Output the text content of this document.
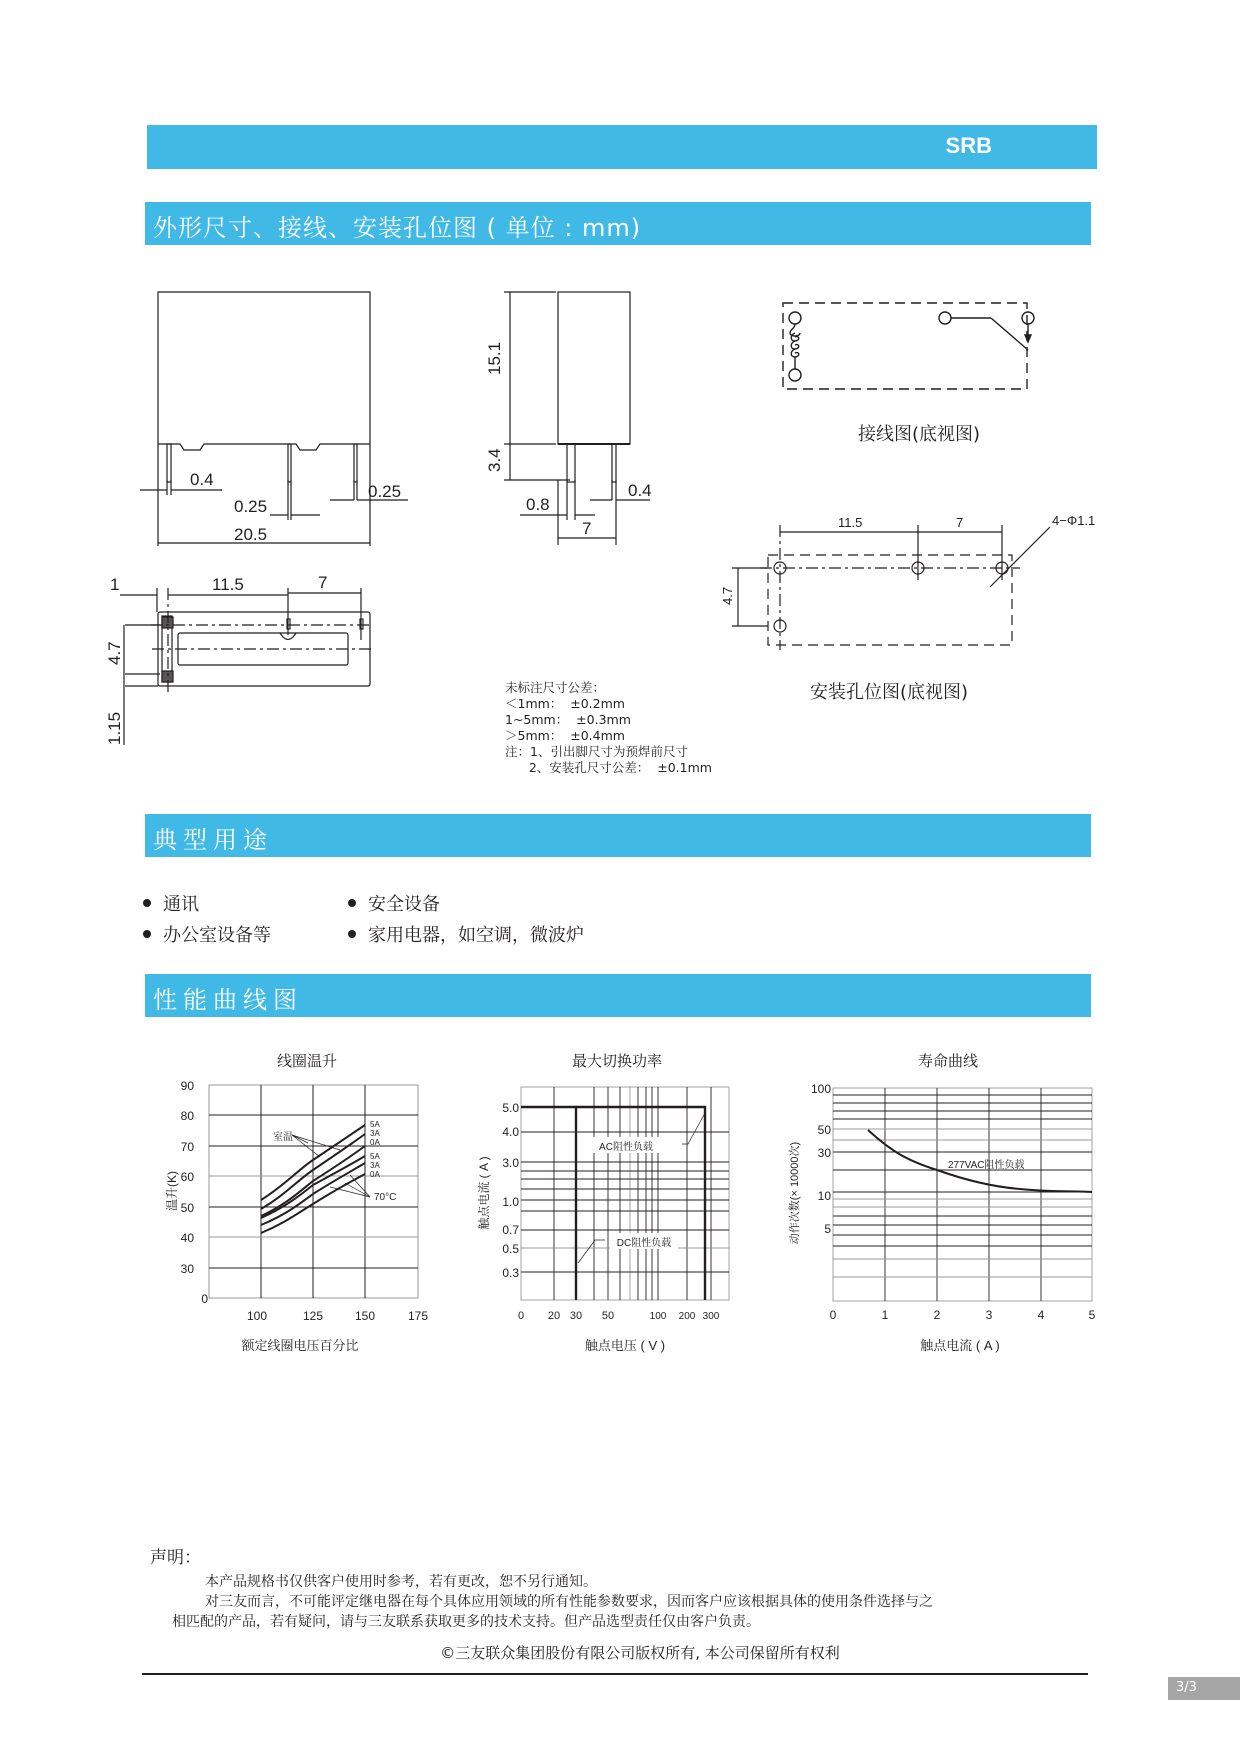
SRB
外形尺寸、接线、安装孔位图 ( 单位 : mm)
0.4
0.25
0.25
20.5
15.1
3.4
0.8
0.4
7
接线图(底视图)
1	11.5	7
4.7
1.15
11.5	7	4−Φ1.1
4.7
安装孔位图(底视图)
未标注尺寸公差：
＜1mm：  ±0.2mm
1~5mm：  ±0.3mm
＞5mm：  ±0.4mm
注：1、引出脚尺寸为预焊前尺寸
2、安装孔尺寸公差：  ±0.1mm
典型用途
通讯	安全设备
办公室设备等	家用电器，如空调，微波炉
性能曲线图
线圈温升
90
80
70
60
50
40
30
0
100	125	150	175
室温
70°C
5A
3A
0A
5A
3A
0A
温升(K)
额定线圈电压百分比
最大切换功率
AC阻性负载
DC阻性负载
5.0
4.0
3.0
1.0
0.7
0.5
0.3
0 20 30 50	100 200 300
触点电流 ( A )
触点电压 ( V )
寿命曲线
277VAC阻性负载
100
50
30
10
5
0	1	2	3	4	5
动作次数(× 10000次)
触点电流 ( A )
声明：
本产品规格书仅供客户使用时参考，若有更改，恕不另行通知。
对三友而言，不可能评定继电器在每个具体应用领域的所有性能参数要求，因而客户应该根据具体的使用条件选择与之
相匹配的产品，若有疑问，请与三友联系获取更多的技术支持。但产品选型责任仅由客户负责。
©三友联众集团股份有限公司版权所有, 本公司保留所有权利
3/3
